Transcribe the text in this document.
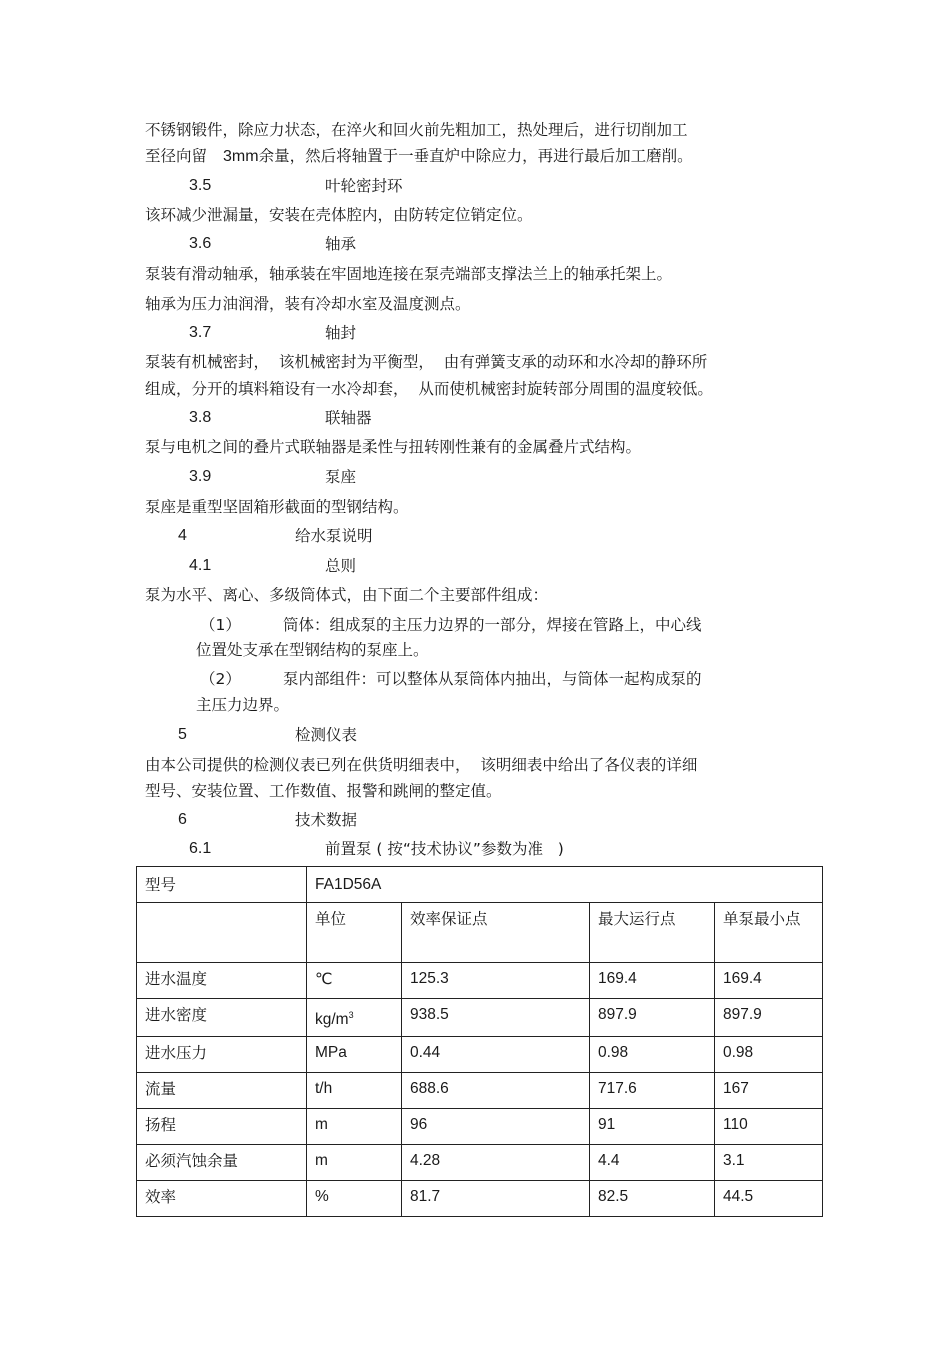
不锈钢锻件，除应力状态，在淬火和回火前先粗加工，热处理后，进行切削加工
至径向留 3mm余量，然后将轴置于一垂直炉中除应力，再进行最后加工磨削。
3.5	叶轮密封环
该环减少泄漏量，安装在壳体腔内，由防转定位销定位。
3.6	轴承
泵装有滑动轴承，轴承装在牢固地连接在泵壳端部支撑法兰上的轴承托架上。
轴承为压力油润滑，装有冷却水室及温度测点。
3.7	轴封
泵装有机械密封，  该机械密封为平衡型，  由有弹簧支承的动环和水冷却的静环所
组成，分开的填料箱设有一水冷却套，  从而使机械密封旋转部分周围的温度较低。
3.8	联轴器
泵与电机之间的叠片式联轴器是柔性与扭转刚性兼有的金属叠片式结构。
3.9	泵座
泵座是重型坚固箱形截面的型钢结构。
4	给水泵说明
4.1	总则
泵为水平、离心、多级筒体式，由下面二个主要部件组成：
（1）	筒体：组成泵的主压力边界的一部分，焊接在管路上，中心线
位置处支承在型钢结构的泵座上。
（2）	泵内部组件：可以整体从泵筒体内抽出，与筒体一起构成泵的
主压力边界。
5	检测仪表
由本公司提供的检测仪表已列在供货明细表中，  该明细表中给出了各仪表的详细
型号、安装位置、工作数值、报警和跳闸的整定值。
6	技术数据
6.1	前置泵 ( 按“技术协议”参数为准   )
型号	FA1D56A			
	单位	效率保证点	最大运行点	单泵最小点
进水温度	℃	125.3	169.4	169.4
进水密度	$kg/m^3$	938.5	897.9	897.9
进水压力	MPa	0.44	0.98	0.98
流量	t/h	688.6	717.6	167
扬程	m	96	91	110
必须汽蚀余量	m	4.28	4.4	3.1
效率	%	81.7	82.5	44.5
